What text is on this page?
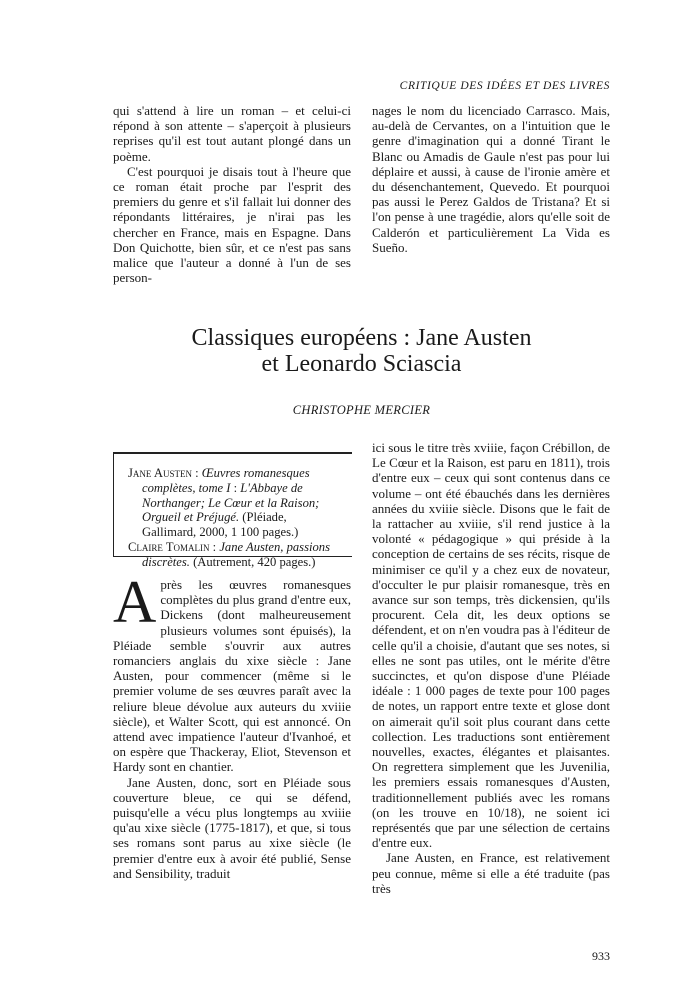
CRITIQUE DES IDÉES ET DES LIVRES

qui s'attend à lire un roman – et celui-ci répond à son attente – s'aperçoit à plusieurs reprises qu'il est tout autant plongé dans un poème.

C'est pourquoi je disais tout à l'heure que ce roman était proche par l'esprit des premiers du genre et s'il fallait lui donner des répondants littéraires, je n'irai pas les chercher en France, mais en Espagne. Dans Don Quichotte, bien sûr, et ce n'est pas sans malice que l'auteur a donné à l'un de ses person-

nages le nom du licenciado Carrasco. Mais, au-delà de Cervantes, on a l'intuition que le genre d'imagination qui a donné Tirant le Blanc ou Amadis de Gaule n'est pas pour lui déplaire et aussi, à cause de l'ironie amère et du désenchantement, Quevedo. Et pourquoi pas aussi le Perez Galdos de Tristana? Et si l'on pense à une tragédie, alors qu'elle soit de Calderón et particulièrement La Vida es Sueño.

Classiques européens : Jane Austen
et Leonardo Sciascia
CHRISTOPHE MERCIER

Jane Austen : Œuvres romanesques complètes, tome I : L'Abbaye de Northanger; Le Cœur et la Raison; Orgueil et Préjugé. (Pléiade, Gallimard, 2000, 1 100 pages.)

Claire Tomalin : Jane Austen, passions discrètes. (Autrement, 420 pages.)

Après les œuvres romanesques complètes du plus grand d'entre eux, Dickens (dont malheureusement plusieurs volumes sont épuisés), la Pléiade semble s'ouvrir aux autres romanciers anglais du xixe siècle : Jane Austen, pour commencer (même si le premier volume de ses œuvres paraît avec la reliure bleue dévolue aux auteurs du xviiie siècle), et Walter Scott, qui est annoncé. On attend avec impatience l'auteur d'Ivanhoé, et on espère que Thackeray, Eliot, Stevenson et Hardy sont en chantier.

Jane Austen, donc, sort en Pléiade sous couverture bleue, ce qui se défend, puisqu'elle a vécu plus longtemps au xviiie qu'au xixe siècle (1775-1817), et que, si tous ses romans sont parus au xixe siècle (le premier d'entre eux à avoir été publié, Sense and Sensibility, traduit

ici sous le titre très xviiie, façon Crébillon, de Le Cœur et la Raison, est paru en 1811), trois d'entre eux – ceux qui sont contenus dans ce volume – ont été ébauchés dans les dernières années du xviiie siècle. Disons que le fait de la rattacher au xviiie, s'il rend justice à la volonté « pédagogique » qui préside à la conception de certains de ses récits, risque de minimiser ce qu'il y a chez eux de novateur, d'occulter le pur plaisir romanesque, très en avance sur son temps, très dickensien, qu'ils procurent. Cela dit, les deux options se défendent, et on n'en voudra pas à l'éditeur de celle qu'il a choisie, d'autant que ses notes, si elles ne sont pas utiles, ont le mérite d'être succinctes, et qu'on dispose d'une Pléiade idéale : 1 000 pages de texte pour 100 pages de notes, un rapport entre texte et glose dont on aimerait qu'il soit plus courant dans cette collection. Les traductions sont entièrement nouvelles, exactes, élégantes et plaisantes. On regrettera simplement que les Juvenilia, les premiers essais romanesques d'Austen, traditionnellement publiés avec les romans (on les trouve en 10/18), ne soient ici représentés que par une sélection de certains d'entre eux.

Jane Austen, en France, est relativement peu connue, même si elle a été traduite (pas très

933
